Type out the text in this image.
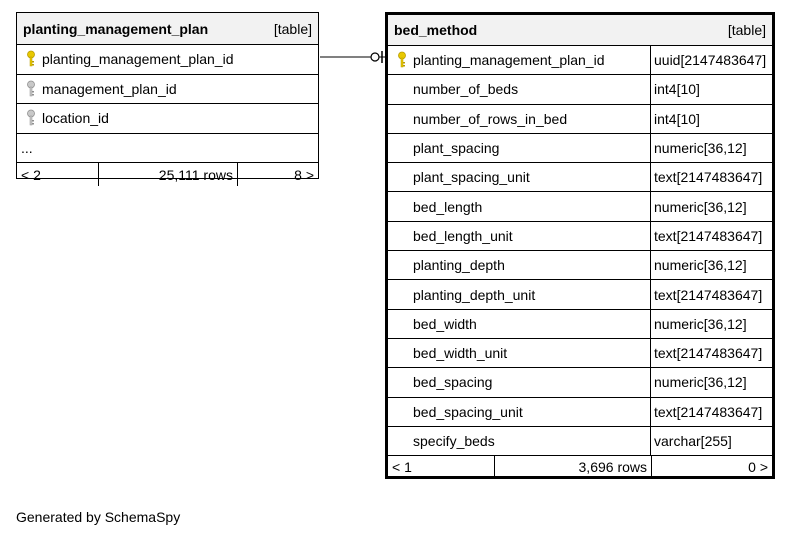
planting_management_plan	[table]
planting_management_plan_id
management_plan_id
location_id
...
< 2	25,111 rows	8 >
bed_method	[table]
planting_management_plan_id	uuid[2147483647]
number_of_beds	int4[10]
number_of_rows_in_bed	int4[10]
plant_spacing	numeric[36,12]
plant_spacing_unit	text[2147483647]
bed_length	numeric[36,12]
bed_length_unit	text[2147483647]
planting_depth	numeric[36,12]
planting_depth_unit	text[2147483647]
bed_width	numeric[36,12]
bed_width_unit	text[2147483647]
bed_spacing	numeric[36,12]
bed_spacing_unit	text[2147483647]
specify_beds	varchar[255]
< 1	3,696 rows	0 >
Generated by SchemaSpy
